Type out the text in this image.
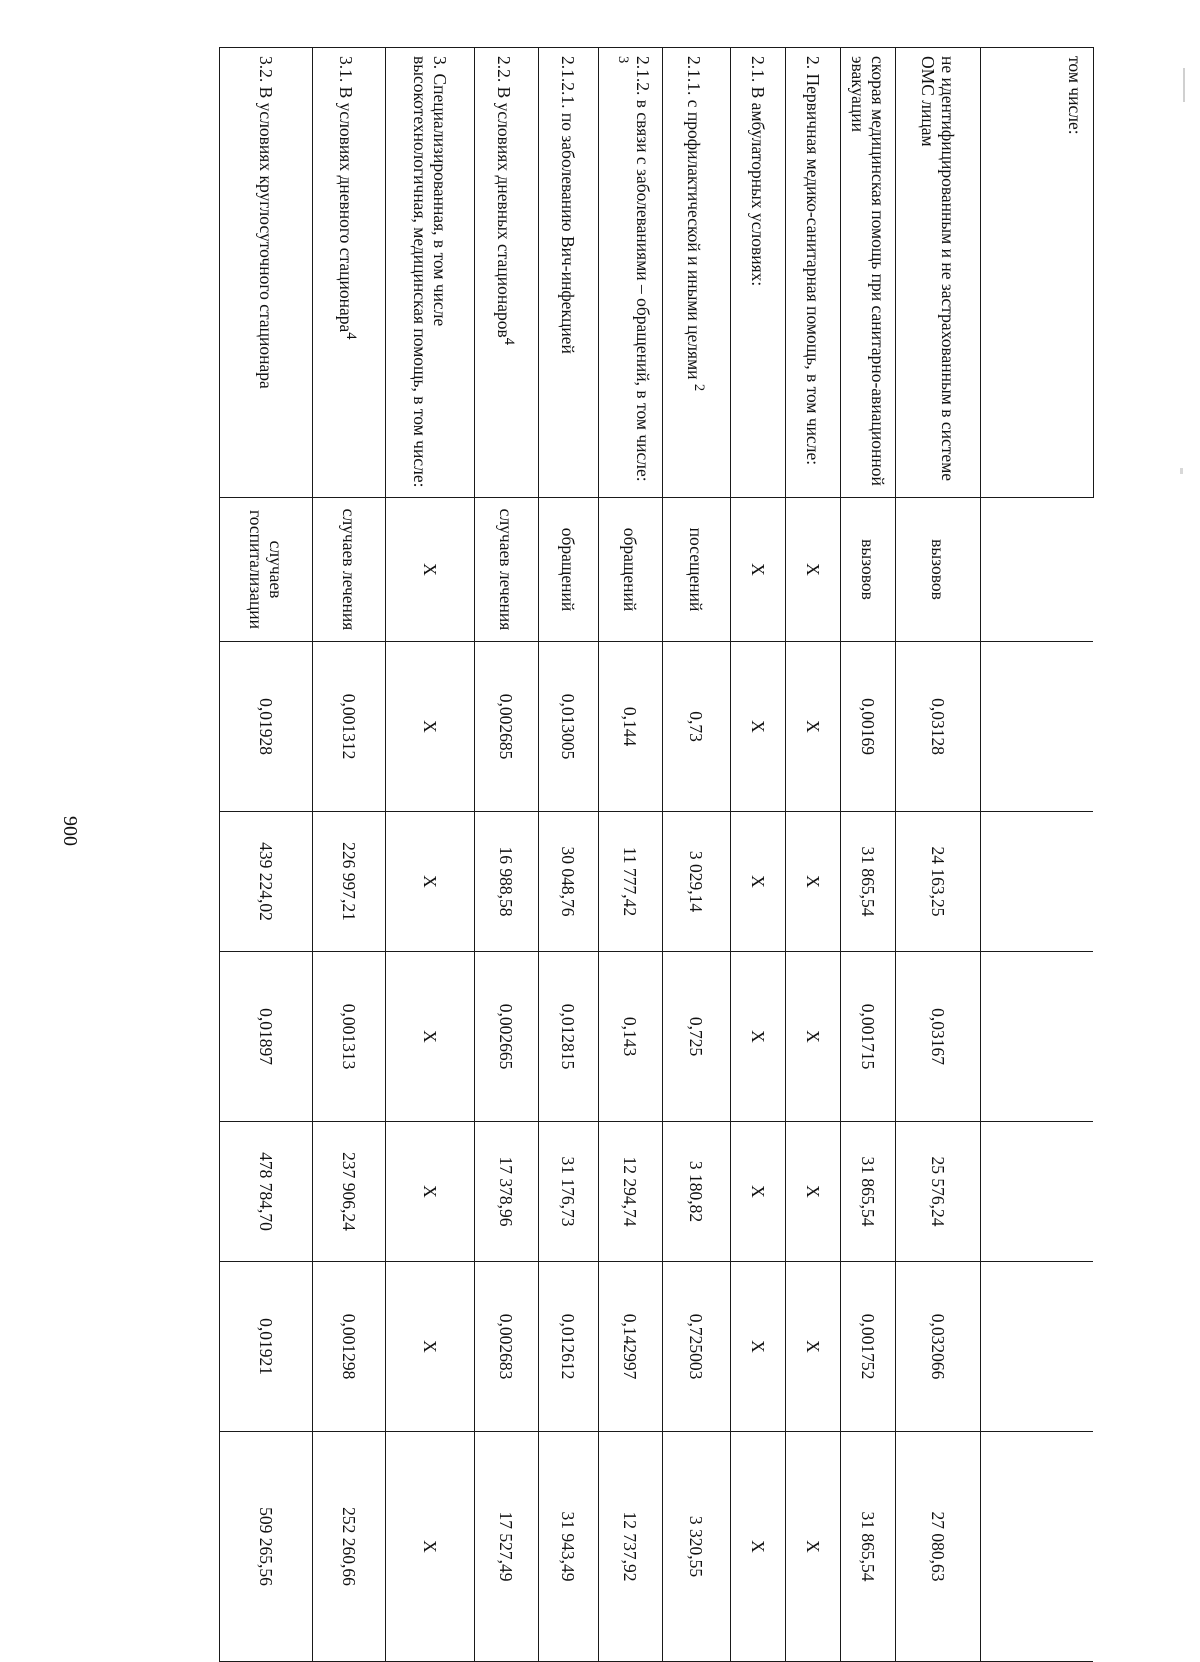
900
том числе:							
не идентифицированным и не застрахованным в системе ОМС лицам	вызовов	0,03128	24 163,25	0,03167	25 576,24	0,032066	27 080,63
скорая медицинская помощь при санитарно-авиационной эвакуации	вызовов	0,00169	31 865,54	0,001715	31 865,54	0,001752	31 865,54
2. Первичная медико-санитарная помощь, в том числе:	Х	Х	Х	Х	Х	Х	Х
2.1. В амбулаторных условиях:	Х	Х	Х	Х	Х	Х	Х
2.1.1. с профилактической и иными целями $^2$	посещений	0,73	3 029,14	0,725	3 180,82	0,725003	3 320,55
2.1.2. в связи с заболеваниями – обращений, в том числе: $^3$	обращений	0,144	11 777,42	0,143	12 294,74	0,142997	12 737,92
2.1.2.1. по заболеванию Вич-инфекцией	обращений	0,013005	30 048,76	0,012815	31 176,73	0,012612	31 943,49
2.2. В условиях дневных стационаров$^4$	случаев лечения	0,002685	16 988,58	0,002665	17 378,96	0,002683	17 527,49
3. Специализированная, в том числе высокотехнологичная, медицинская помощь, в том числе:	Х	Х	Х	Х	Х	Х	Х
3.1. В условиях дневного стационара$^4$	случаев лечения	0,001312	226 997,21	0,001313	237 906,24	0,001298	252 260,66
3.2. В условиях круглосуточного стационара	случаев госпитализации	0,01928	439 224,02	0,01897	478 784,70	0,01921	509 265,56
